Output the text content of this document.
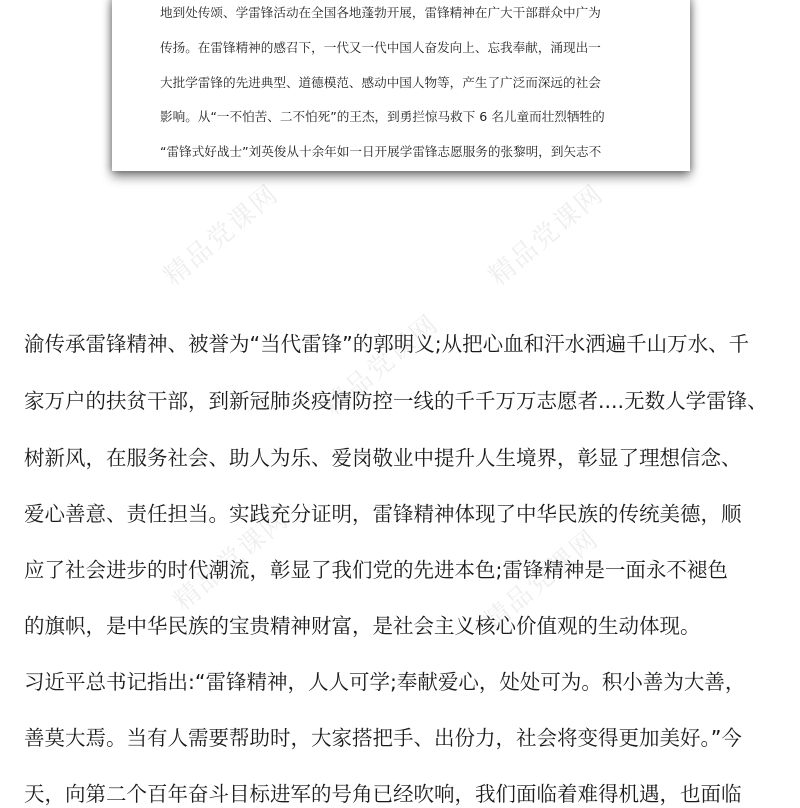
地到处传颂、学雷锋活动在全国各地蓬勃开展，雷锋精神在广大干部群众中广为
传扬。在雷锋精神的感召下，一代又一代中国人奋发向上、忘我奉献，涌现出一
大批学雷锋的先进典型、道德模范、感动中国人物等，产生了广泛而深远的社会
影响。从“一不怕苦、二不怕死”的王杰，到勇拦惊马救下 6 名儿童而壮烈牺牲的
“雷锋式好战士”刘英俊从十余年如一日开展学雷锋志愿服务的张黎明，到矢志不
精品党课网	精品党课网
精品党课网
精品党课网
精品党课网
渝传承雷锋精神、被誉为“当代雷锋”的郭明义;从把心血和汗水洒遍千山万水、千
家万户的扶贫干部，到新冠肺炎疫情防控一线的千千万万志愿者....无数人学雷锋、
树新风，在服务社会、助人为乐、爱岗敬业中提升人生境界，彰显了理想信念、
爱心善意、责任担当。实践充分证明，雷锋精神体现了中华民族的传统美德，顺
应了社会进步的时代潮流，彰显了我们党的先进本色;雷锋精神是一面永不褪色
的旗帜，是中华民族的宝贵精神财富，是社会主义核心价值观的生动体现。
习近平总书记指出:“雷锋精神，人人可学;奉献爱心，处处可为。积小善为大善，
善莫大焉。当有人需要帮助时，大家搭把手、出份力，社会将变得更加美好。”今
天，向第二个百年奋斗目标进军的号角已经吹响，我们面临着难得机遇，也面临
